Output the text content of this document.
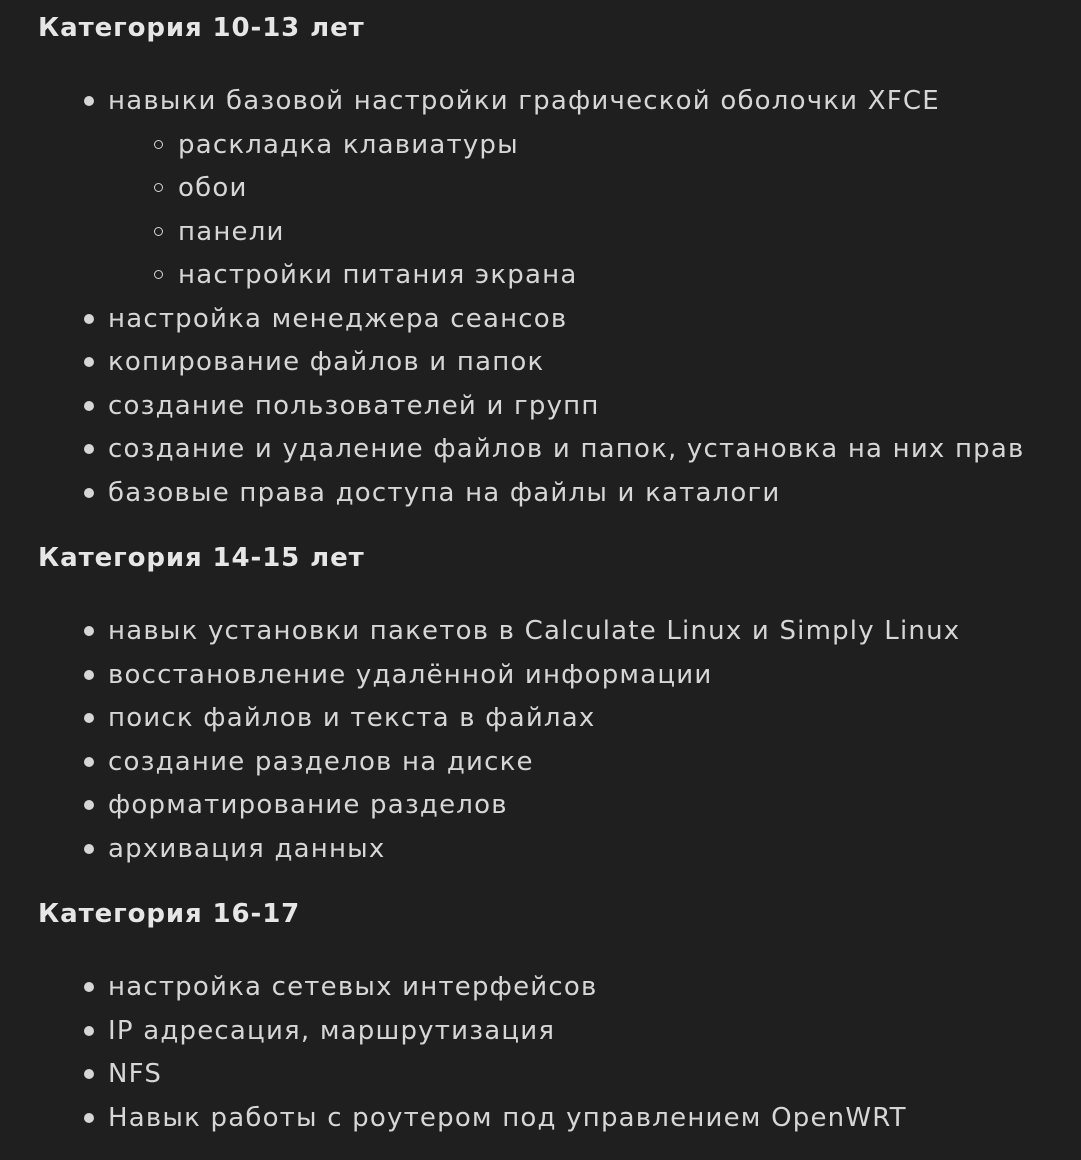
Категория 10-13 лет
навыки базовой настройки графической оболочки XFCE
раскладка клавиатуры
обои
панели
настройки питания экрана
настройка менеджера сеансов
копирование файлов и папок
создание пользователей и групп
создание и удаление файлов и папок, установка на них прав
базовые права доступа на файлы и каталоги
Категория 14-15 лет
навык установки пакетов в Calculate Linux и Simply Linux
восстановление удалённой информации
поиск файлов и текста в файлах
создание разделов на диске
форматирование разделов
архивация данных
Категория 16-17
настройка сетевых интерфейсов
IP адресация, маршрутизация
NFS
Навык работы с роутером под управлением OpenWRT
